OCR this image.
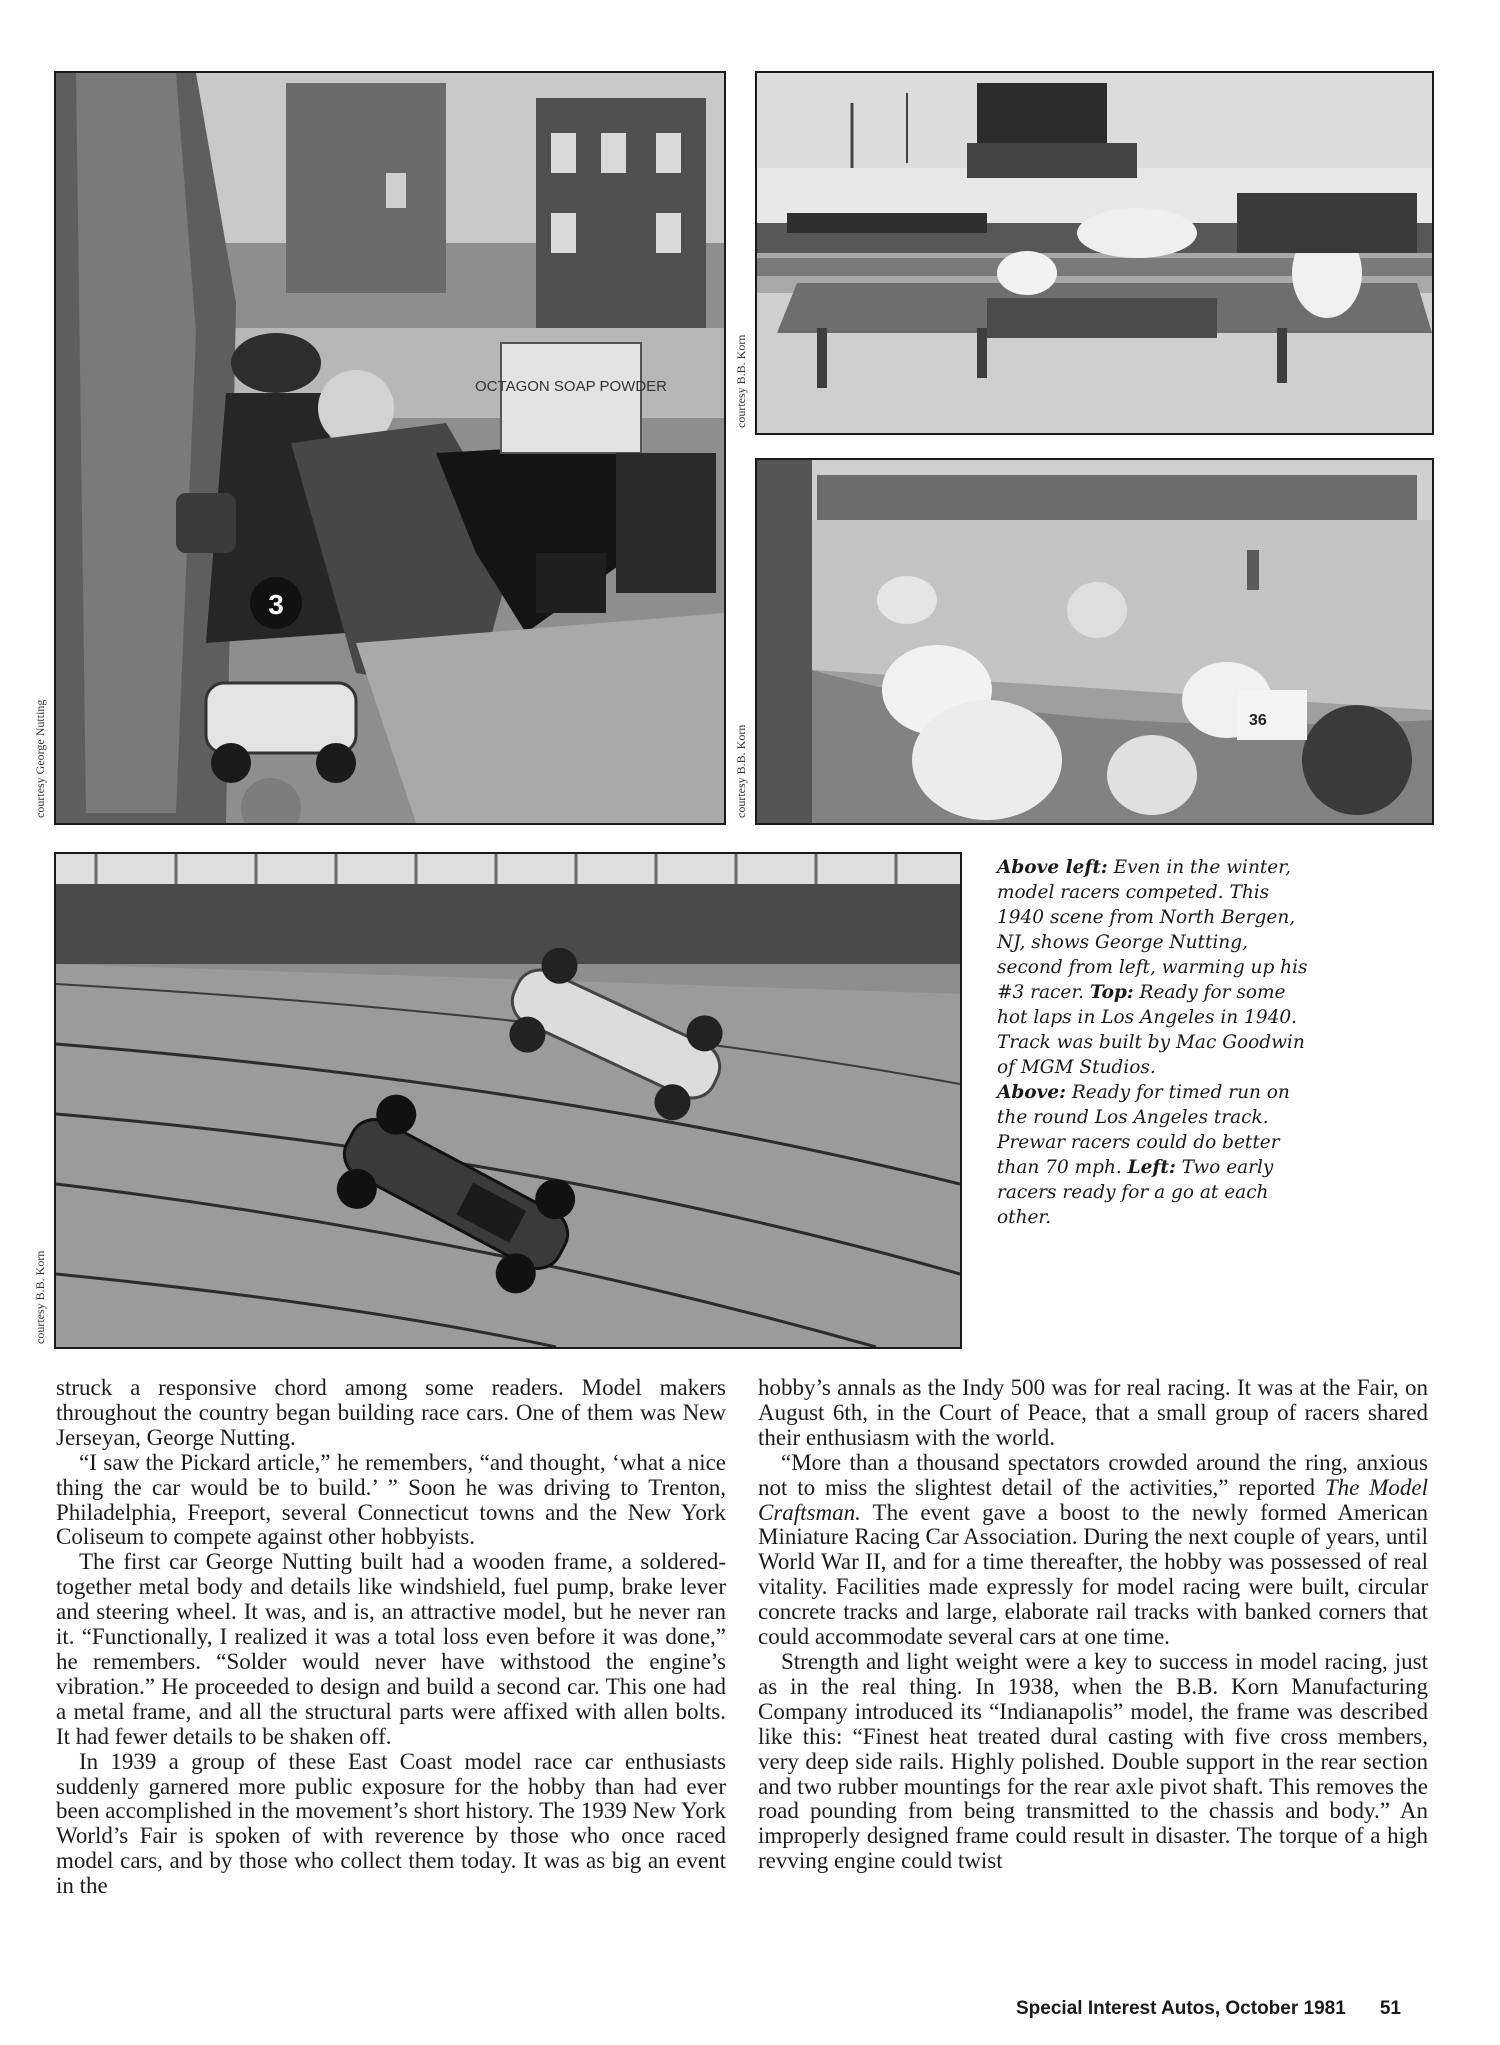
OCTAGON SOAP POWDER
3
courtesy George Nutting
courtesy B.B. Korn
36
courtesy B.B. Korn
courtesy B.B. Korn
Above left: Even in the winter, model racers competed. This 1940 scene from North Bergen, NJ, shows George Nutting, second from left, warming up his #3 racer. Top: Ready for some hot laps in Los Angeles in 1940. Track was built by Mac Goodwin of MGM Studios.
Above: Ready for timed run on the round Los Angeles track. Prewar racers could do better than 70 mph. Left: Two early racers ready for a go at each other.

struck a responsive chord among some readers. Model makers throughout the country began building race cars. One of them was New Jerseyan, George Nutting.

“I saw the Pickard article,” he remembers, “and thought, ‘what a nice thing the car would be to build.’ ” Soon he was driving to Trenton, Philadelphia, Freeport, several Connecticut towns and the New York Coliseum to compete against other hobbyists.

The first car George Nutting built had a wooden frame, a soldered-together metal body and details like windshield, fuel pump, brake lever and steering wheel. It was, and is, an attractive model, but he never ran it. “Functionally, I realized it was a total loss even before it was done,” he remembers. “Solder would never have withstood the engine’s vibration.” He proceeded to design and build a second car. This one had a metal frame, and all the structural parts were affixed with allen bolts. It had fewer details to be shaken off.

In 1939 a group of these East Coast model race car enthusiasts suddenly garnered more public exposure for the hobby than had ever been accomplished in the movement’s short history. The 1939 New York World’s Fair is spoken of with reverence by those who once raced model cars, and by those who collect them today. It was as big an event in the

hobby’s annals as the Indy 500 was for real racing. It was at the Fair, on August 6th, in the Court of Peace, that a small group of racers shared their enthusiasm with the world.

“More than a thousand spectators crowded around the ring, anxious not to miss the slightest detail of the activities,” reported The Model Craftsman. The event gave a boost to the newly formed American Miniature Racing Car Association. During the next couple of years, until World War II, and for a time thereafter, the hobby was possessed of real vitality. Facilities made expressly for model racing were built, circular concrete tracks and large, elaborate rail tracks with banked corners that could accommodate several cars at one time.

Strength and light weight were a key to success in model racing, just as in the real thing. In 1938, when the B.B. Korn Manufacturing Company introduced its “Indianapolis” model, the frame was described like this: “Finest heat treated dural casting with five cross members, very deep side rails. Highly polished. Double support in the rear section and two rubber mountings for the rear axle pivot shaft. This removes the road pounding from being transmitted to the chassis and body.” An improperly designed frame could result in disaster. The torque of a high revving engine could twist

Special Interest Autos, October 1981 51
